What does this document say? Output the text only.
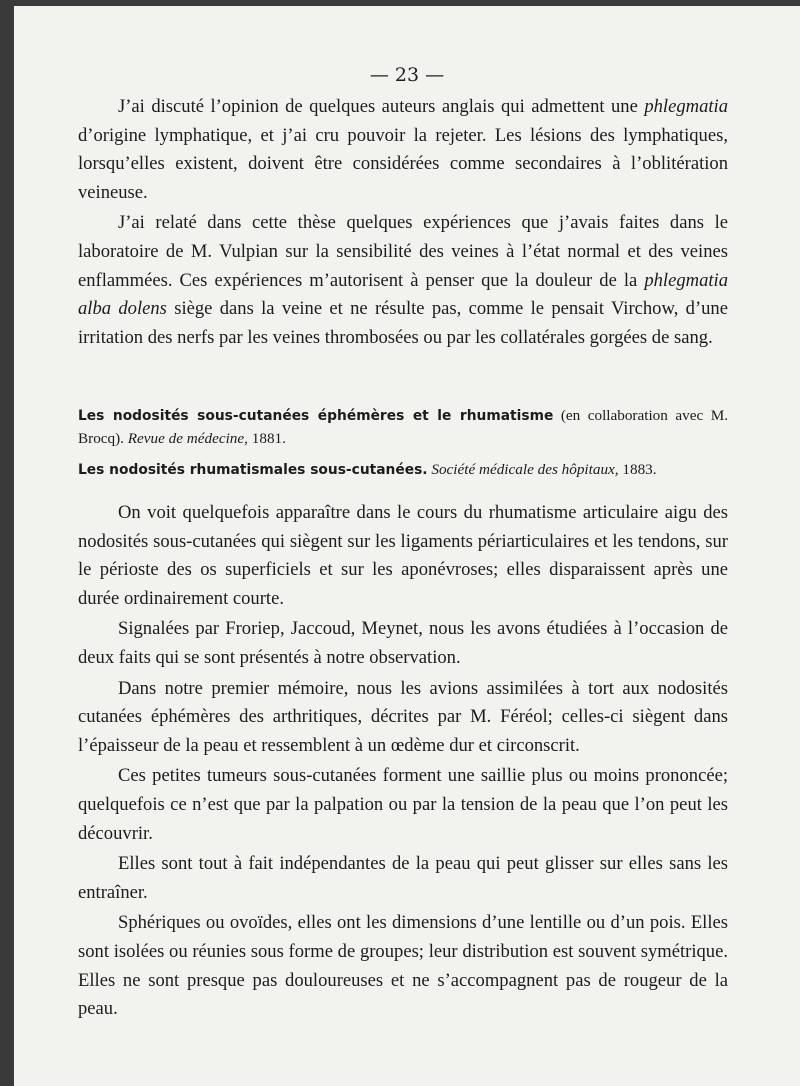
— 23 —

J’ai discuté l’opinion de quelques auteurs anglais qui admettent une phlegmatia d’origine lymphatique, et j’ai cru pouvoir la rejeter. Les lésions des lymphatiques, lorsqu’elles existent, doivent être considérées comme secondaires à l’oblitération veineuse.

J’ai relaté dans cette thèse quelques expériences que j’avais faites dans le laboratoire de M. Vulpian sur la sensibilité des veines à l’état normal et des veines enflammées. Ces expériences m’autorisent à penser que la douleur de la phlegmatia alba dolens siège dans la veine et ne résulte pas, comme le pensait Virchow, d’une irritation des nerfs par les veines thrombosées ou par les collatérales gorgées de sang.

Les nodosités sous-cutanées éphémères et le rhumatisme (en collaboration avec M. Brocq). Revue de médecine, 1881.
Les nodosités rhumatismales sous-cutanées. Société médicale des hôpitaux, 1883.

On voit quelquefois apparaître dans le cours du rhumatisme articulaire aigu des nodosités sous-cutanées qui siègent sur les ligaments périarticulaires et les tendons, sur le périoste des os superficiels et sur les aponévroses; elles disparaissent après une durée ordinairement courte.

Signalées par Froriep, Jaccoud, Meynet, nous les avons étudiées à l’occasion de deux faits qui se sont présentés à notre observation.

Dans notre premier mémoire, nous les avions assimilées à tort aux nodosités cutanées éphémères des arthritiques, décrites par M. Féréol; celles-ci siègent dans l’épaisseur de la peau et ressemblent à un œdème dur et circonscrit.

Ces petites tumeurs sous-cutanées forment une saillie plus ou moins prononcée; quelquefois ce n’est que par la palpation ou par la tension de la peau que l’on peut les découvrir.

Elles sont tout à fait indépendantes de la peau qui peut glisser sur elles sans les entraîner.

Sphériques ou ovoïdes, elles ont les dimensions d’une lentille ou d’un pois. Elles sont isolées ou réunies sous forme de groupes; leur distribution est souvent symétrique. Elles ne sont presque pas douloureuses et ne s’accompagnent pas de rougeur de la peau.
